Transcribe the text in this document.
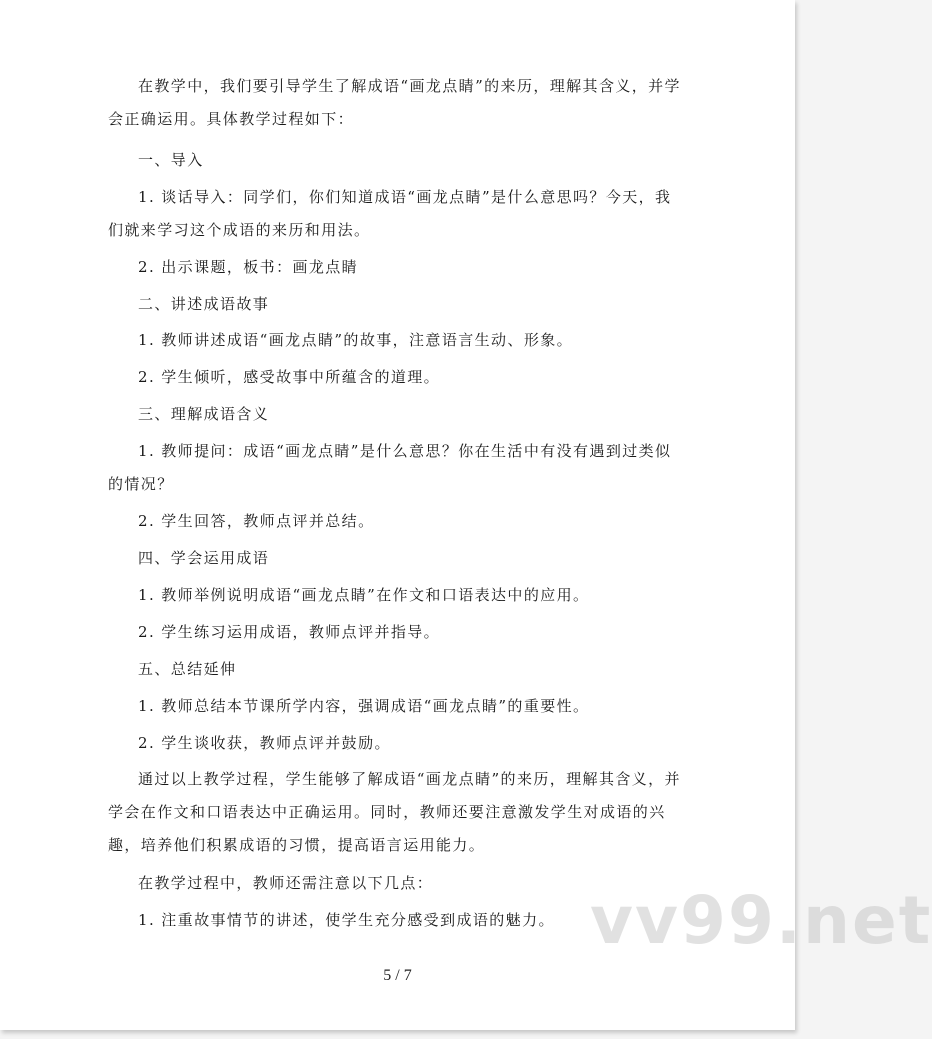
在教学中，我们要引导学生了解成语“画龙点睛”的来历，理解其含义，并学会正确运用。具体教学过程如下：

一、导入

1. 谈话导入：同学们，你们知道成语“画龙点睛”是什么意思吗？今天，我们就来学习这个成语的来历和用法。

2. 出示课题，板书：画龙点睛

二、讲述成语故事

1. 教师讲述成语“画龙点睛”的故事，注意语言生动、形象。

2. 学生倾听，感受故事中所蕴含的道理。

三、理解成语含义

1. 教师提问：成语“画龙点睛”是什么意思？你在生活中有没有遇到过类似的情况？

2. 学生回答，教师点评并总结。

四、学会运用成语

1. 教师举例说明成语“画龙点睛”在作文和口语表达中的应用。

2. 学生练习运用成语，教师点评并指导。

五、总结延伸

1. 教师总结本节课所学内容，强调成语“画龙点睛”的重要性。

2. 学生谈收获，教师点评并鼓励。

通过以上教学过程，学生能够了解成语“画龙点睛”的来历，理解其含义，并学会在作文和口语表达中正确运用。同时，教师还要注意激发学生对成语的兴趣，培养他们积累成语的习惯，提高语言运用能力。

在教学过程中，教师还需注意以下几点：

1. 注重故事情节的讲述，使学生充分感受到成语的魅力。 vv99.net
5 / 7
